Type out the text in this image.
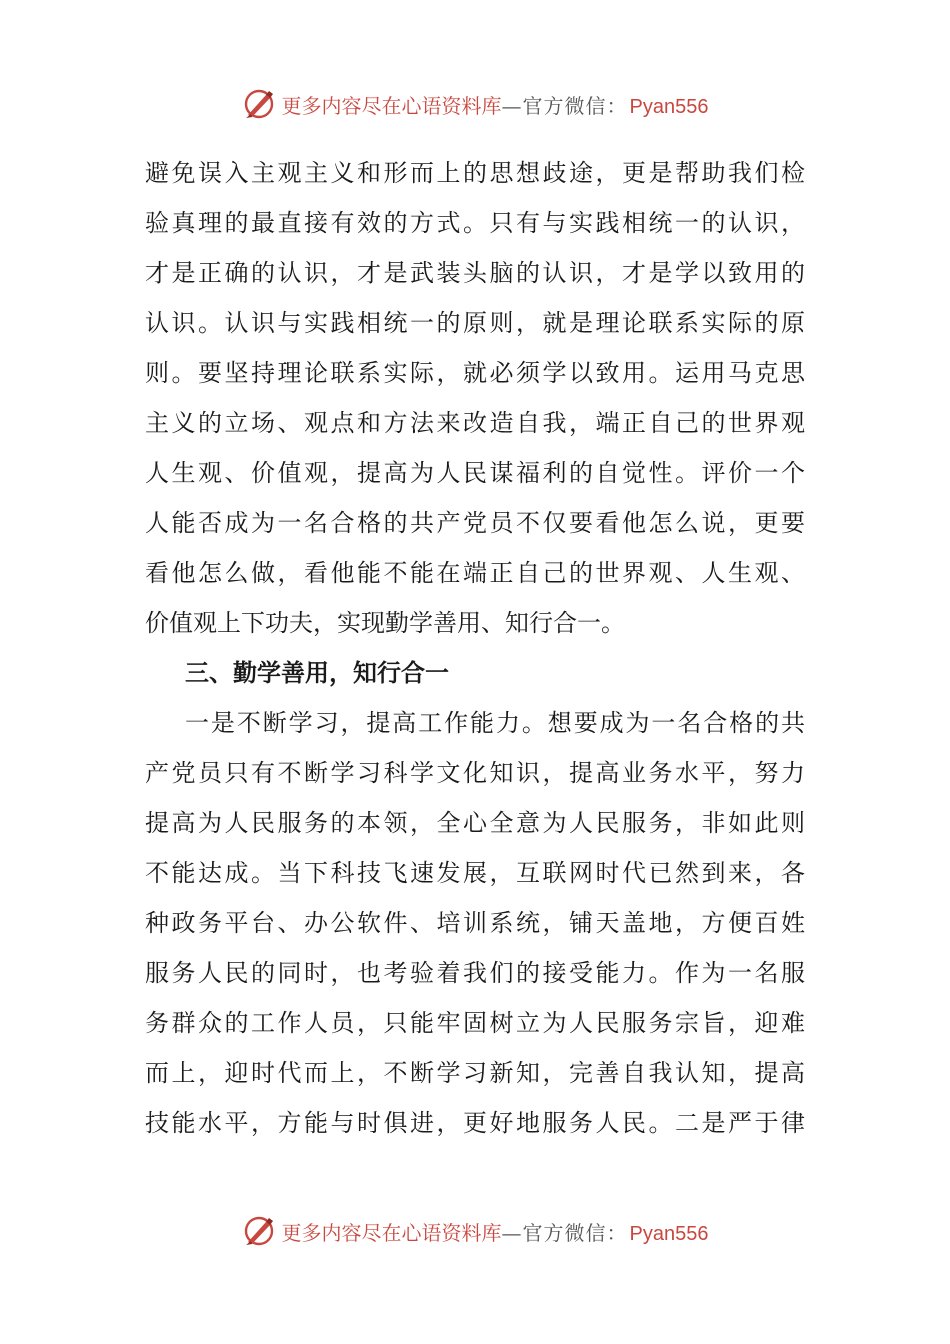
更多内容尽在心语资料库 —官方微信： Pyan556
避免误入主观主义和形而上的思想歧途，更是帮助我们检
验真理的最直接有效的方式。只有与实践相统一的认识，
才是正确的认识，才是武装头脑的认识，才是学以致用的
认识。认识与实践相统一的原则，就是理论联系实际的原
则。要坚持理论联系实际，就必须学以致用。运用马克思
主义的立场、观点和方法来改造自我，端正自己的世界观
人生观、价值观，提高为人民谋福利的自觉性。评价一个
人能否成为一名合格的共产党员不仅要看他怎么说，更要
看他怎么做，看他能不能在端正自己的世界观、人生观、
价值观上下功夫，实现勤学善用、知行合一。
三、勤学善用，知行合一
一是不断学习，提高工作能力。想要成为一名合格的共
产党员只有不断学习科学文化知识，提高业务水平，努力
提高为人民服务的本领，全心全意为人民服务，非如此则
不能达成。当下科技飞速发展，互联网时代已然到来，各
种政务平台、办公软件、培训系统，铺天盖地，方便百姓
服务人民的同时，也考验着我们的接受能力。作为一名服
务群众的工作人员，只能牢固树立为人民服务宗旨，迎难
而上，迎时代而上，不断学习新知，完善自我认知，提高
技能水平，方能与时俱进，更好地服务人民。二是严于律
更多内容尽在心语资料库 —官方微信： Pyan556
